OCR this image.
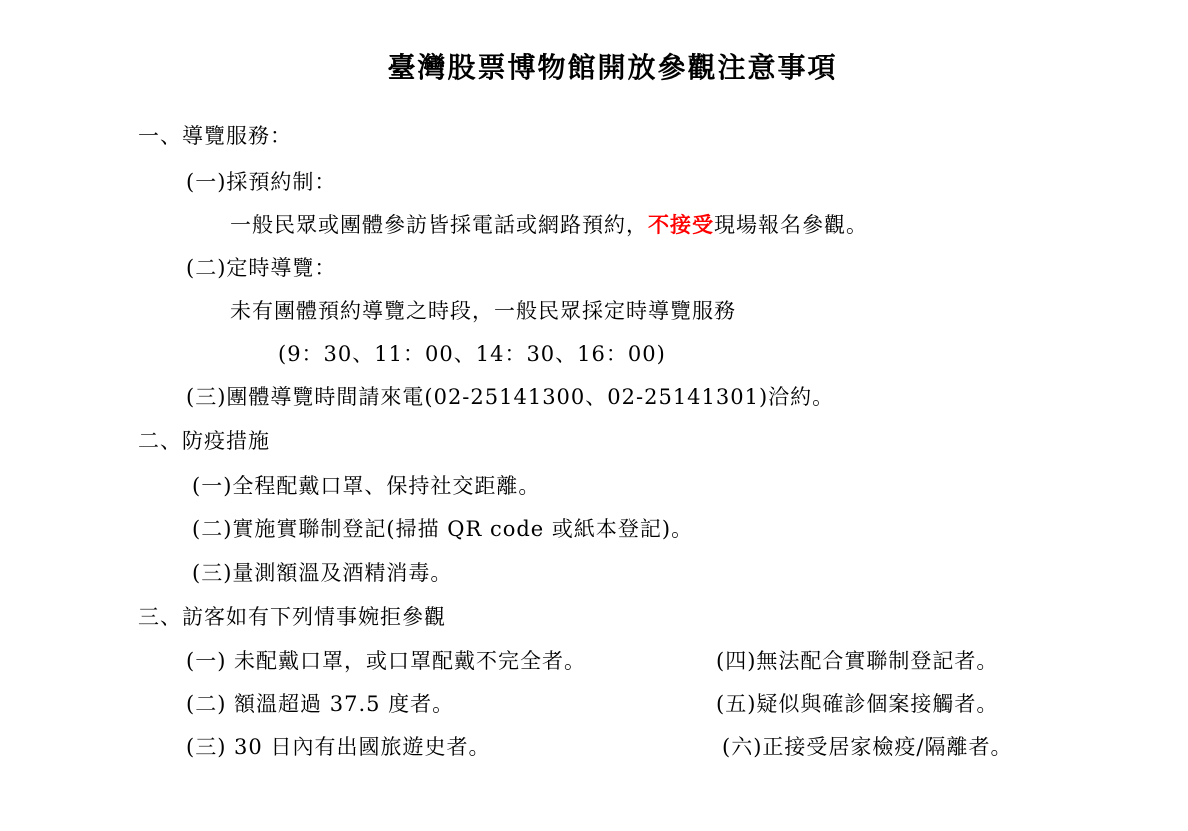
臺灣股票博物館開放參觀注意事項
一、導覽服務：
(一)採預約制：
一般民眾或團體參訪皆採電話或網路預約，不接受現場報名參觀。
(二)定時導覽：
未有團體預約導覽之時段，一般民眾採定時導覽服務
(9：30、11：00、14：30、16：00)
(三)團體導覽時間請來電(02-25141300、02-25141301)洽約。
二、防疫措施
(一)全程配戴口罩、保持社交距離。
(二)實施實聯制登記(掃描 QR code 或紙本登記)。
(三)量測額溫及酒精消毒。
三、訪客如有下列情事婉拒參觀
(一) 未配戴口罩，或口罩配戴不完全者。
(二) 額溫超過 37.5 度者。
(三) 30 日內有出國旅遊史者。
(四)無法配合實聯制登記者。
(五)疑似與確診個案接觸者。
(六)正接受居家檢疫/隔離者。
